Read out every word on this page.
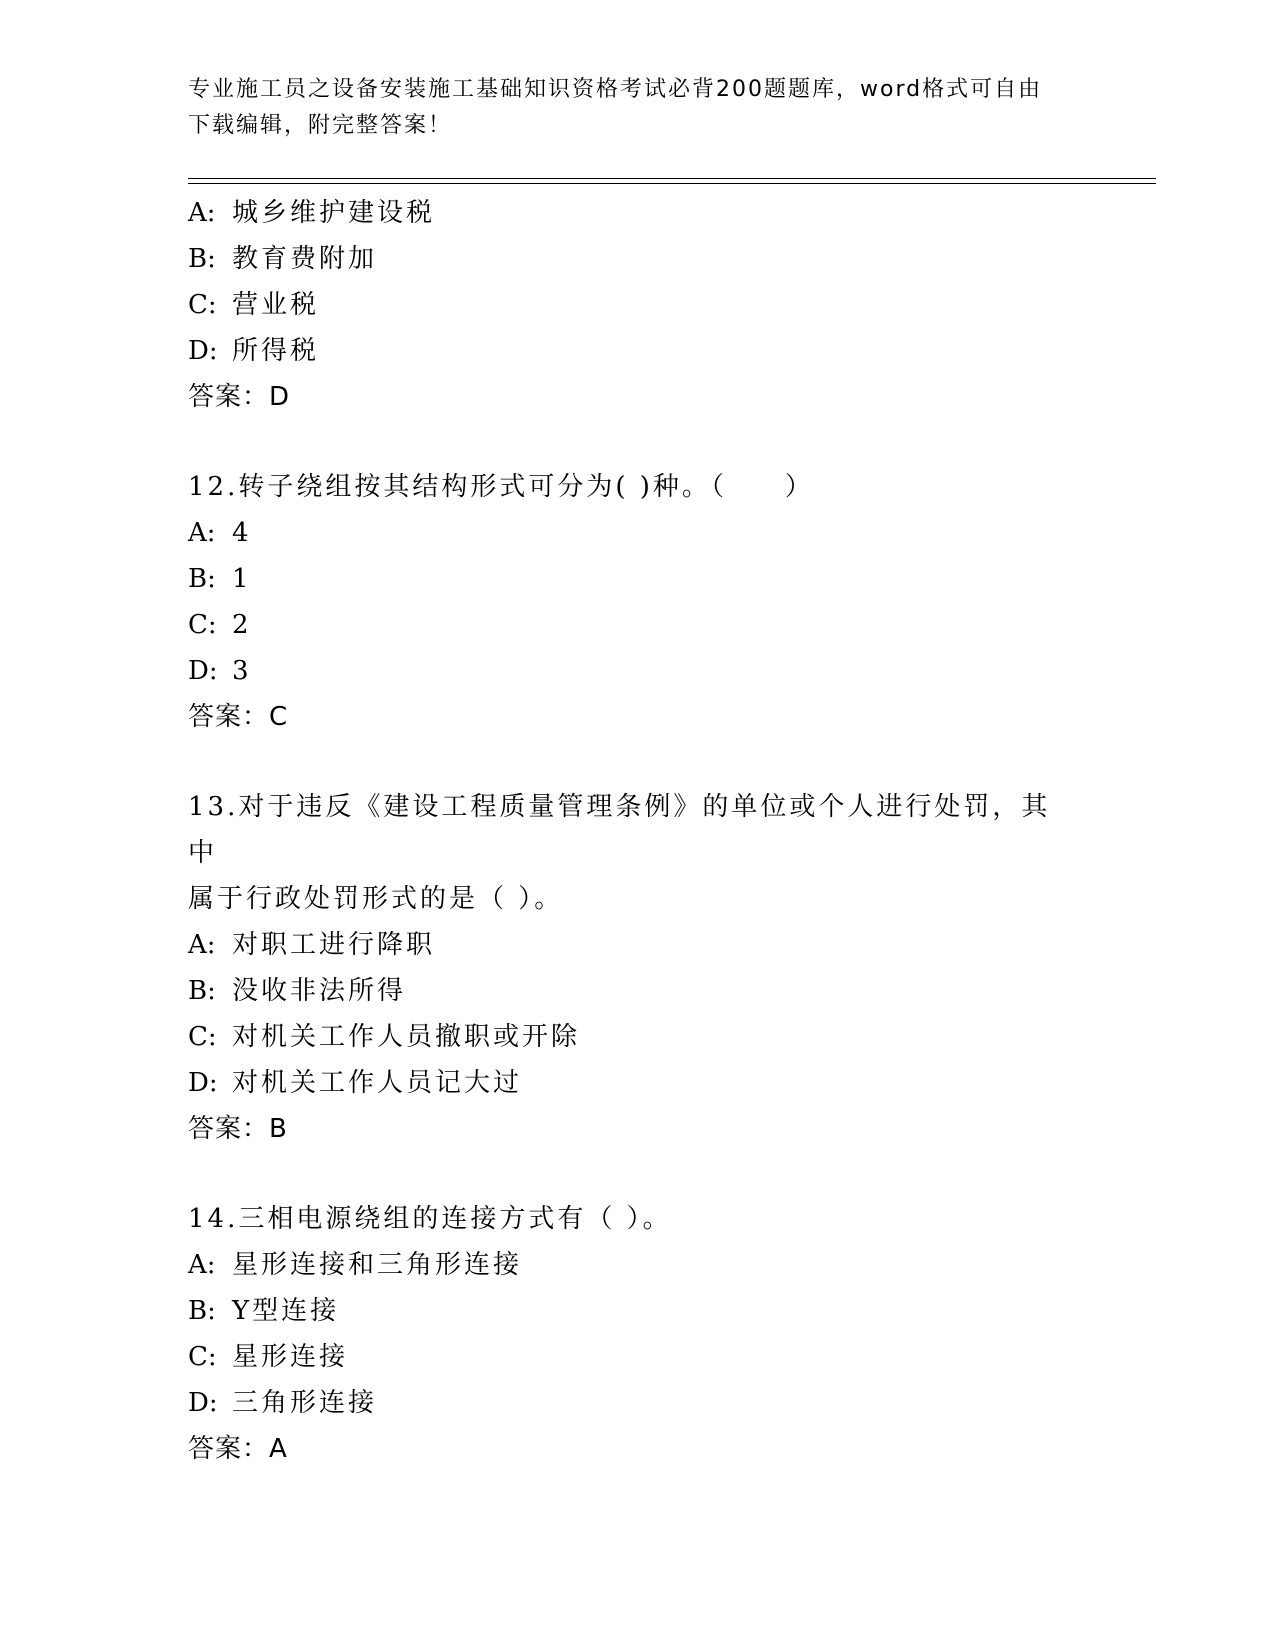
专业施工员之设备安装施工基础知识资格考试必背200题题库，word格式可自由
下载编辑，附完整答案！
A: 城乡维护建设税
B: 教育费附加
C: 营业税
D: 所得税
答案：D
12.转子绕组按其结构形式可分为( )种。（　　）
A: 4
B: 1
C: 2
D: 3
答案：C
13.对于违反《建设工程质量管理条例》的单位或个人进行处罚，其中
属于行政处罚形式的是（ ）。
A: 对职工进行降职
B: 没收非法所得
C: 对机关工作人员撤职或开除
D: 对机关工作人员记大过
答案：B
14.三相电源绕组的连接方式有（ ）。
A: 星形连接和三角形连接
B: Y型连接
C: 星形连接
D: 三角形连接
答案：A
